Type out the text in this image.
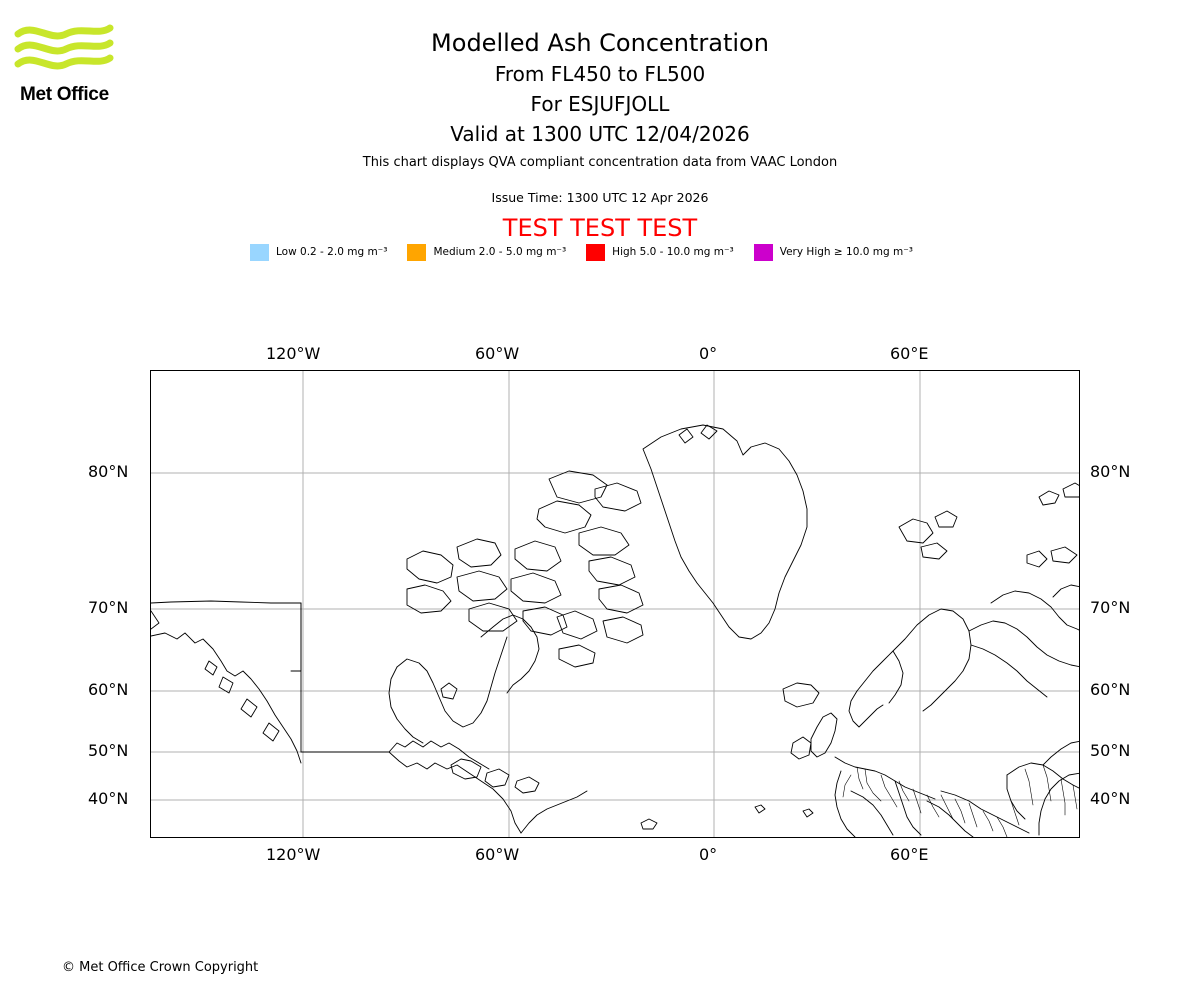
Met Office
Modelled Ash Concentration
From FL450 to FL500
For ESJUFJOLL
Valid at 1300 UTC 12/04/2026
This chart displays QVA compliant concentration data from VAAC London
Issue Time: 1300 UTC 12 Apr 2026
TEST TEST TEST
Low 0.2 - 2.0 mg m⁻³	Medium 2.0 - 5.0 mg m⁻³	High 5.0 - 10.0 mg m⁻³	Very High ≥ 10.0 mg m⁻³
120°W	60°W	0°	60°E
120°W	60°W	0°	60°E
80°N
70°N
60°N
50°N
40°N
80°N
70°N
60°N
50°N
40°N
© Met Office Crown Copyright
